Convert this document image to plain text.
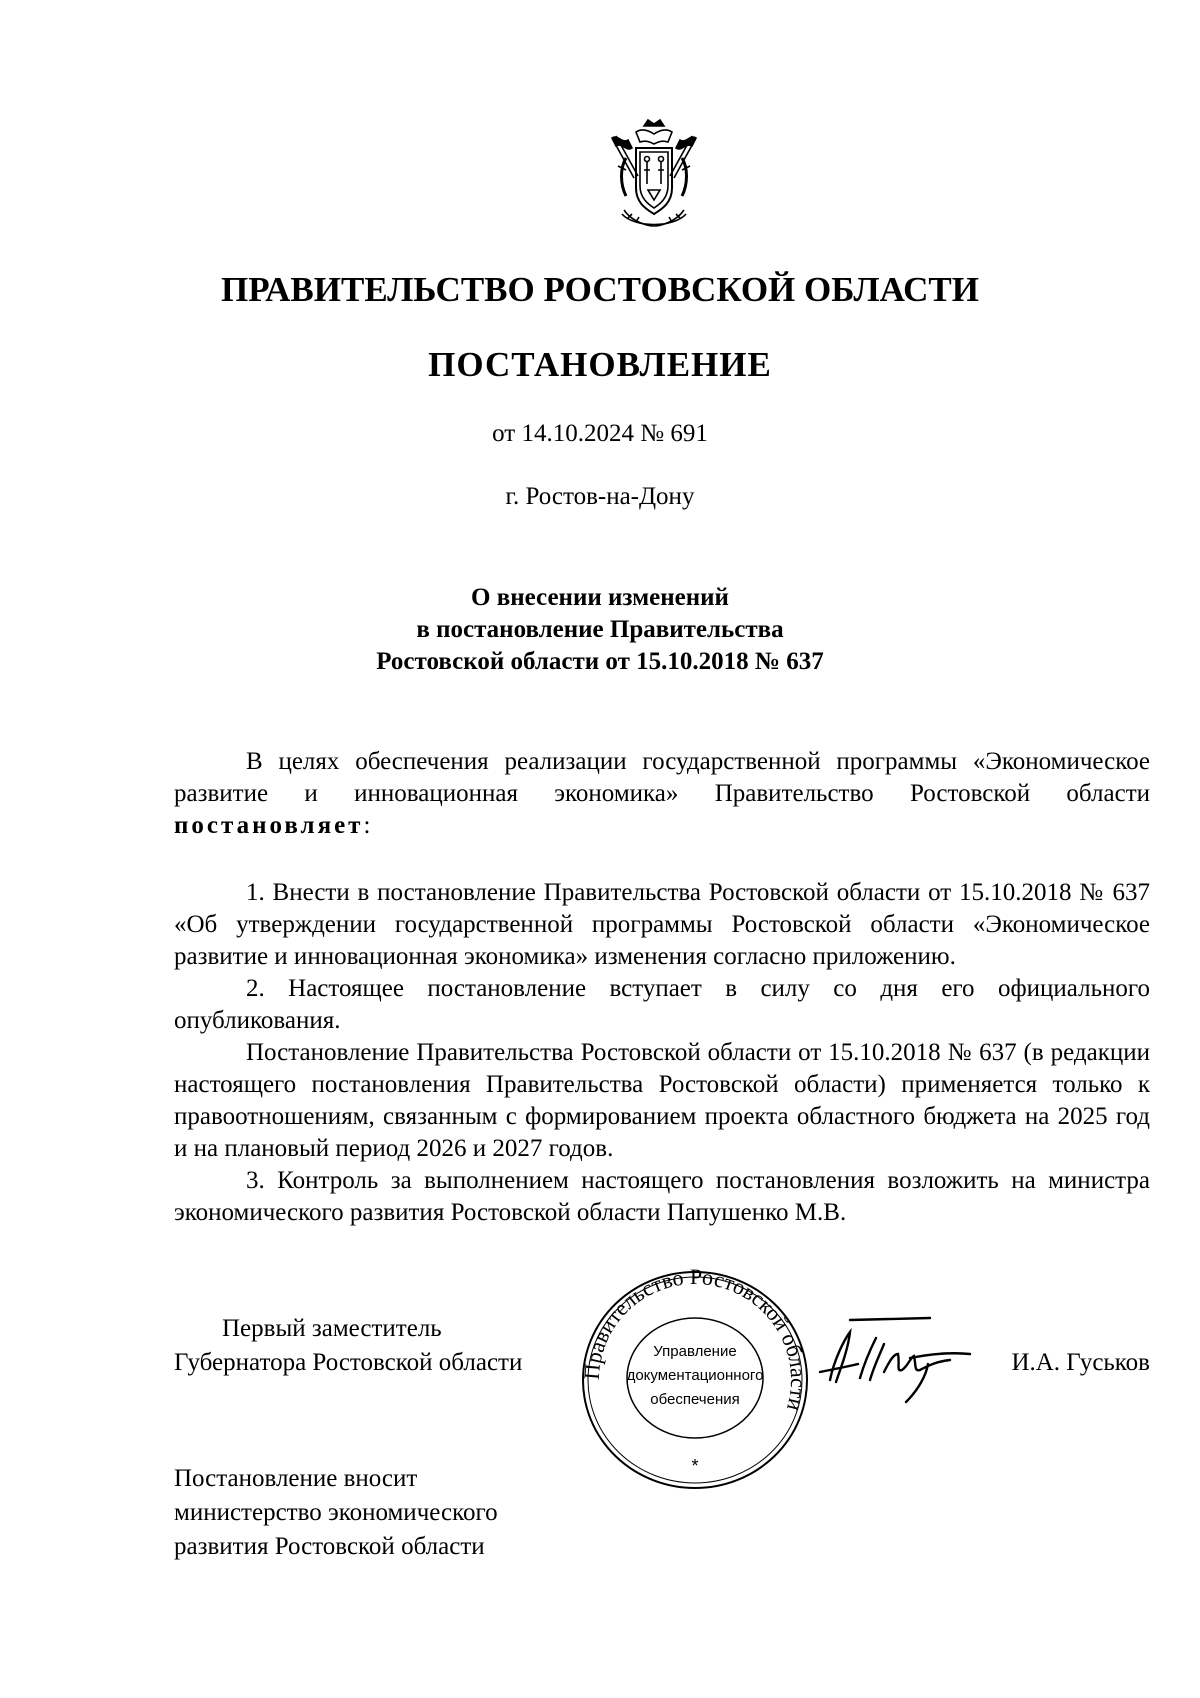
ПРАВИТЕЛЬСТВО РОСТОВСКОЙ ОБЛАСТИ
ПОСТАНОВЛЕНИЕ
от 14.10.2024 № 691
г. Ростов-на-Дону
О внесении изменений
в постановление Правительства
Ростовской области от 15.10.2018 № 637

В целях обеспечения реализации государственной программы «Экономическое развитие и инновационная экономика» Правительство Ростовской области постановляет:

1. Внести в постановление Правительства Ростовской области от 15.10.2018 № 637 «Об утверждении государственной программы Ростовской области «Экономическое развитие и инновационная экономика» изменения согласно приложению.

2. Настоящее постановление вступает в силу со дня его официального опубликования.

Постановление Правительства Ростовской области от 15.10.2018 № 637 (в редакции настоящего постановления Правительства Ростовской области) применяется только к правоотношениям, связанным с формированием проекта областного бюджета на 2025 год и на плановый период 2026 и 2027 годов.

3. Контроль за выполнением настоящего постановления возложить на министра экономического развития Ростовской области Папушенко М.В.

Первый заместитель
Губернатора Ростовской области	Правительство Ростовской области
Управление
документационного
обеспечения
*
И.А. Гуськов
Постановление вносит
министерство экономического
развития Ростовской области
